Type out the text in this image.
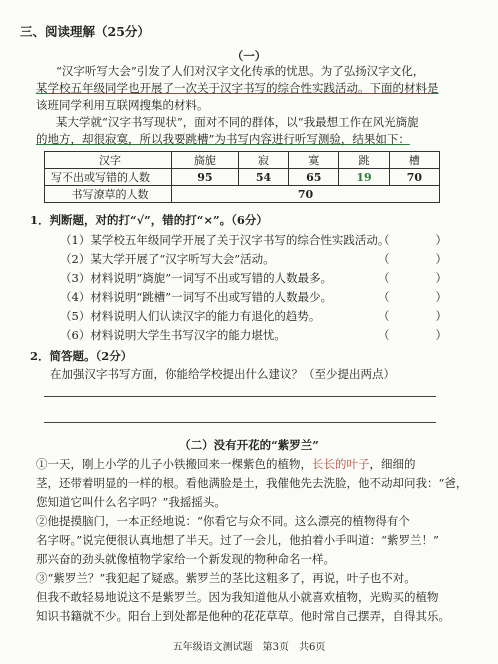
三、阅读理解（25分）
（一）
“汉字听写大会”引发了人们对汉字文化传承的忧思。为了弘扬汉字文化，
某学校五年级同学也开展了一次关于汉字书写的综合性实践活动。下面的材料是
该班同学利用互联网搜集的材料。
某大学就“汉字书写现状”，面对不同的群体，以“我最想工作在风光旖旎
的地方，却很寂寞，所以我要跳槽”为书写内容进行听写测验，结果如下：
汉字	旖旎	寂	寞	跳	槽
写不出或写错的人数	95	54	65	19	70
书写潦草的人数	70				
1．判断题，对的打“√”，错的打“×”。（6分）
（1）某学校五年级同学开展了关于汉字书写的综合性实践活动。
（　　　　）
（2）某大学开展了“汉字听写大会”活动。	（　　　　）
（3）材料说明“旖旎”一词写不出或写错的人数最多。	（　　　　）
（4）材料说明“跳槽”一词写不出或写错的人数最少。	（　　　　）
（5）材料说明人们认读汉字的能力有退化的趋势。	（　　　　）
（6）材料说明大学生书写汉字的能力堪忧。	（　　　　）
2．简答题。（2分）
在加强汉字书写方面，你能给学校提出什么建议？（至少提出两点）
（二）没有开花的“紫罗兰”
①一天，刚上小学的儿子小铁搬回来一棵紫色的植物，长长的叶子，细细的
茎，还带着明显的一样的根。看他满脸是土，我催他先去洗脸，他不动却问我：“爸，
您知道它叫什么名字吗？”我摇摇头。
②他提摸脑门，一本正经地说：“你看它与众不同。这么漂亮的植物得有个
名字呀。”说完便很认真地想了半天。过了一会儿，他拍着小手叫道：“紫罗兰！”
那兴奋的劲头就像植物学家给一个新发现的物种命名一样。
③“紫罗兰？”我犯起了疑惑。紫罗兰的茎比这粗多了，再说，叶子也不对。
但我不敢轻易地说这不是紫罗兰。因为我知道他从小就喜欢植物，光购买的植物
知识书籍就不少。阳台上到处都是他种的花花草草。他时常自己摆弄，自得其乐。
五年级语文测试题　第3页　共6页
